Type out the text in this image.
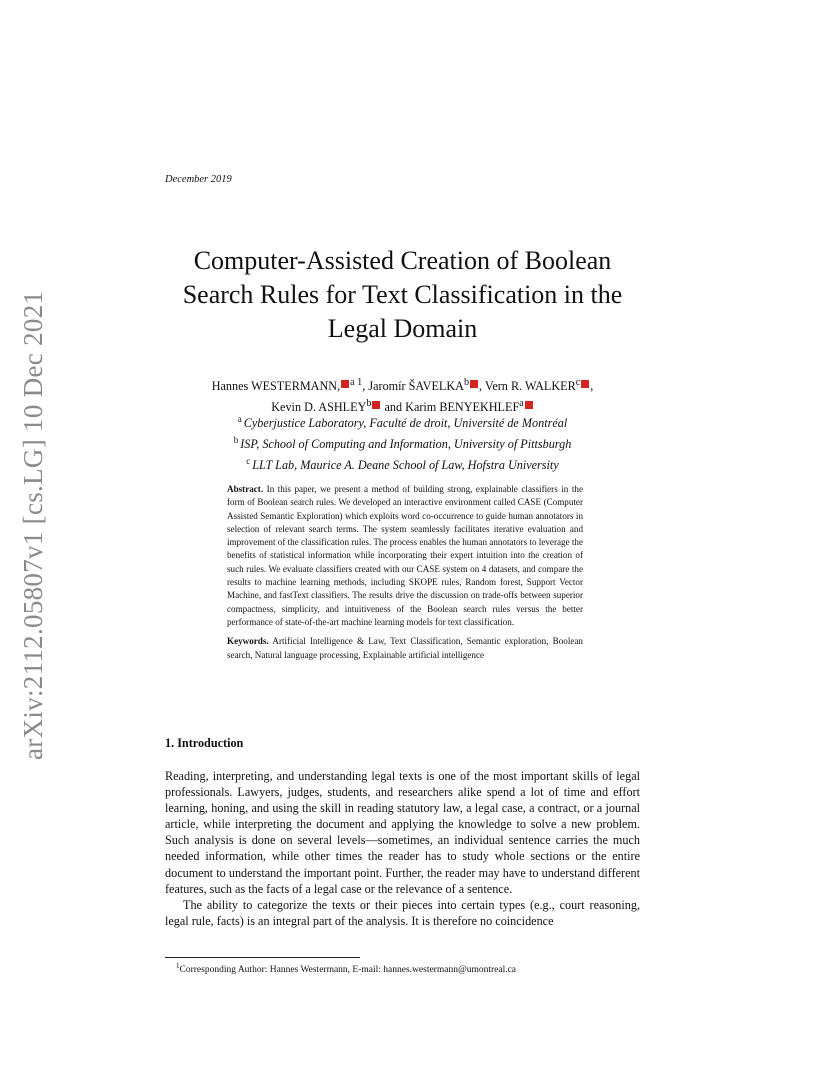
arXiv:2112.05807v1 [cs.LG] 10 Dec 2021
December 2019
Computer-Assisted Creation of Boolean
Search Rules for Text Classification in the
Legal Domain
Hannes WESTERMANN, $^{a 1}$, Jaromír ŠAVELKA$^b$ , Vern R. WALKER$^c$ ,
Kevin D. ASHLEY$^b$ and Karim BENYEKHLEF$^a$
$^a$ Cyberjustice Laboratory, Faculté de droit, Université de Montréal
$^b$ ISP, School of Computing and Information, University of Pittsburgh
$^c$ LLT Lab, Maurice A. Deane School of Law, Hofstra University

Abstract. In this paper, we present a method of building strong, explainable classifiers in the form of Boolean search rules. We developed an interactive environment called CASE (Computer Assisted Semantic Exploration) which exploits word co-occurrence to guide human annotators in selection of relevant search terms. The system seamlessly facilitates iterative evaluation and improvement of the classification rules. The process enables the human annotators to leverage the benefits of statistical information while incorporating their expert intuition into the creation of such rules. We evaluate classifiers created with our CASE system on 4 datasets, and compare the results to machine learning methods, including SKOPE rules, Random forest, Support Vector Machine, and fastText classifiers. The results drive the discussion on trade-offs between superior compactness, simplicity, and intuitiveness of the Boolean search rules versus the better performance of state-of-the-art machine learning models for text classification.

Keywords. Artificial Intelligence & Law, Text Classification, Semantic exploration, Boolean search, Natural language processing, Explainable artificial intelligence

1. Introduction

Reading, interpreting, and understanding legal texts is one of the most important skills of legal professionals. Lawyers, judges, students, and researchers alike spend a lot of time and effort learning, honing, and using the skill in reading statutory law, a legal case, a contract, or a journal article, while interpreting the document and applying the knowledge to solve a new problem. Such analysis is done on several levels—sometimes, an individual sentence carries the much needed information, while other times the reader has to study whole sections or the entire document to understand the important point. Further, the reader may have to understand different features, such as the facts of a legal case or the relevance of a sentence.

The ability to categorize the texts or their pieces into certain types (e.g., court reasoning, legal rule, facts) is an integral part of the analysis. It is therefore no coincidence

$^1$Corresponding Author: Hannes Westermann, E-mail: hannes.westermann@umontreal.ca
